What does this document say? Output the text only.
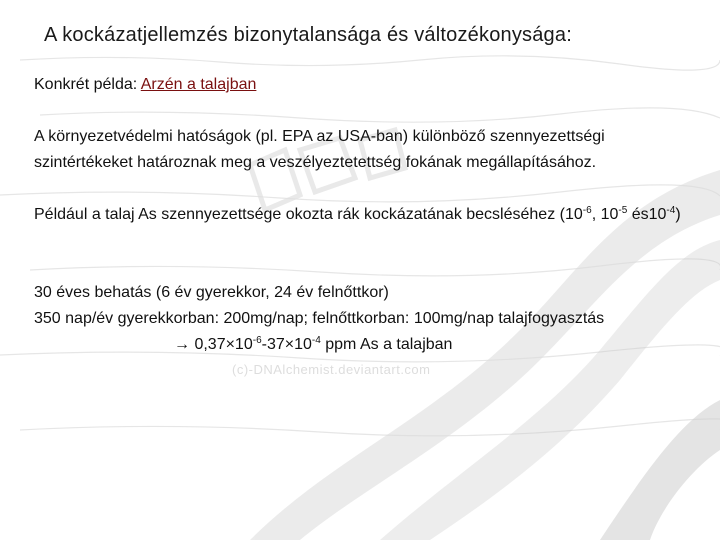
A kockázatjellemzés bizonytalansága és változékonysága:
Konkrét példa: Arzén a talajban
A környezetvédelmi hatóságok (pl. EPA az USA-ban) különböző szennyezettségi szintértékeket határoznak meg a veszélyeztetettség fokának megállapításához.
Például a talaj As szennyezettsége okozta rák kockázatának becsléséhez ($10^{-6}$, $10^{-5}$ $és10^{-4}$)
30 éves behatás (6 év gyerekkor, 24 év felnőttkor)
350 nap/év gyerekkorban: 200mg/nap; felnőttkorban: 100mg/nap talajfogyasztás
→ $0,37\times 10^{-6}-37\times 10^{-4}$ ppm As a talajban
(c)-DNAlchemist.deviantart.com
